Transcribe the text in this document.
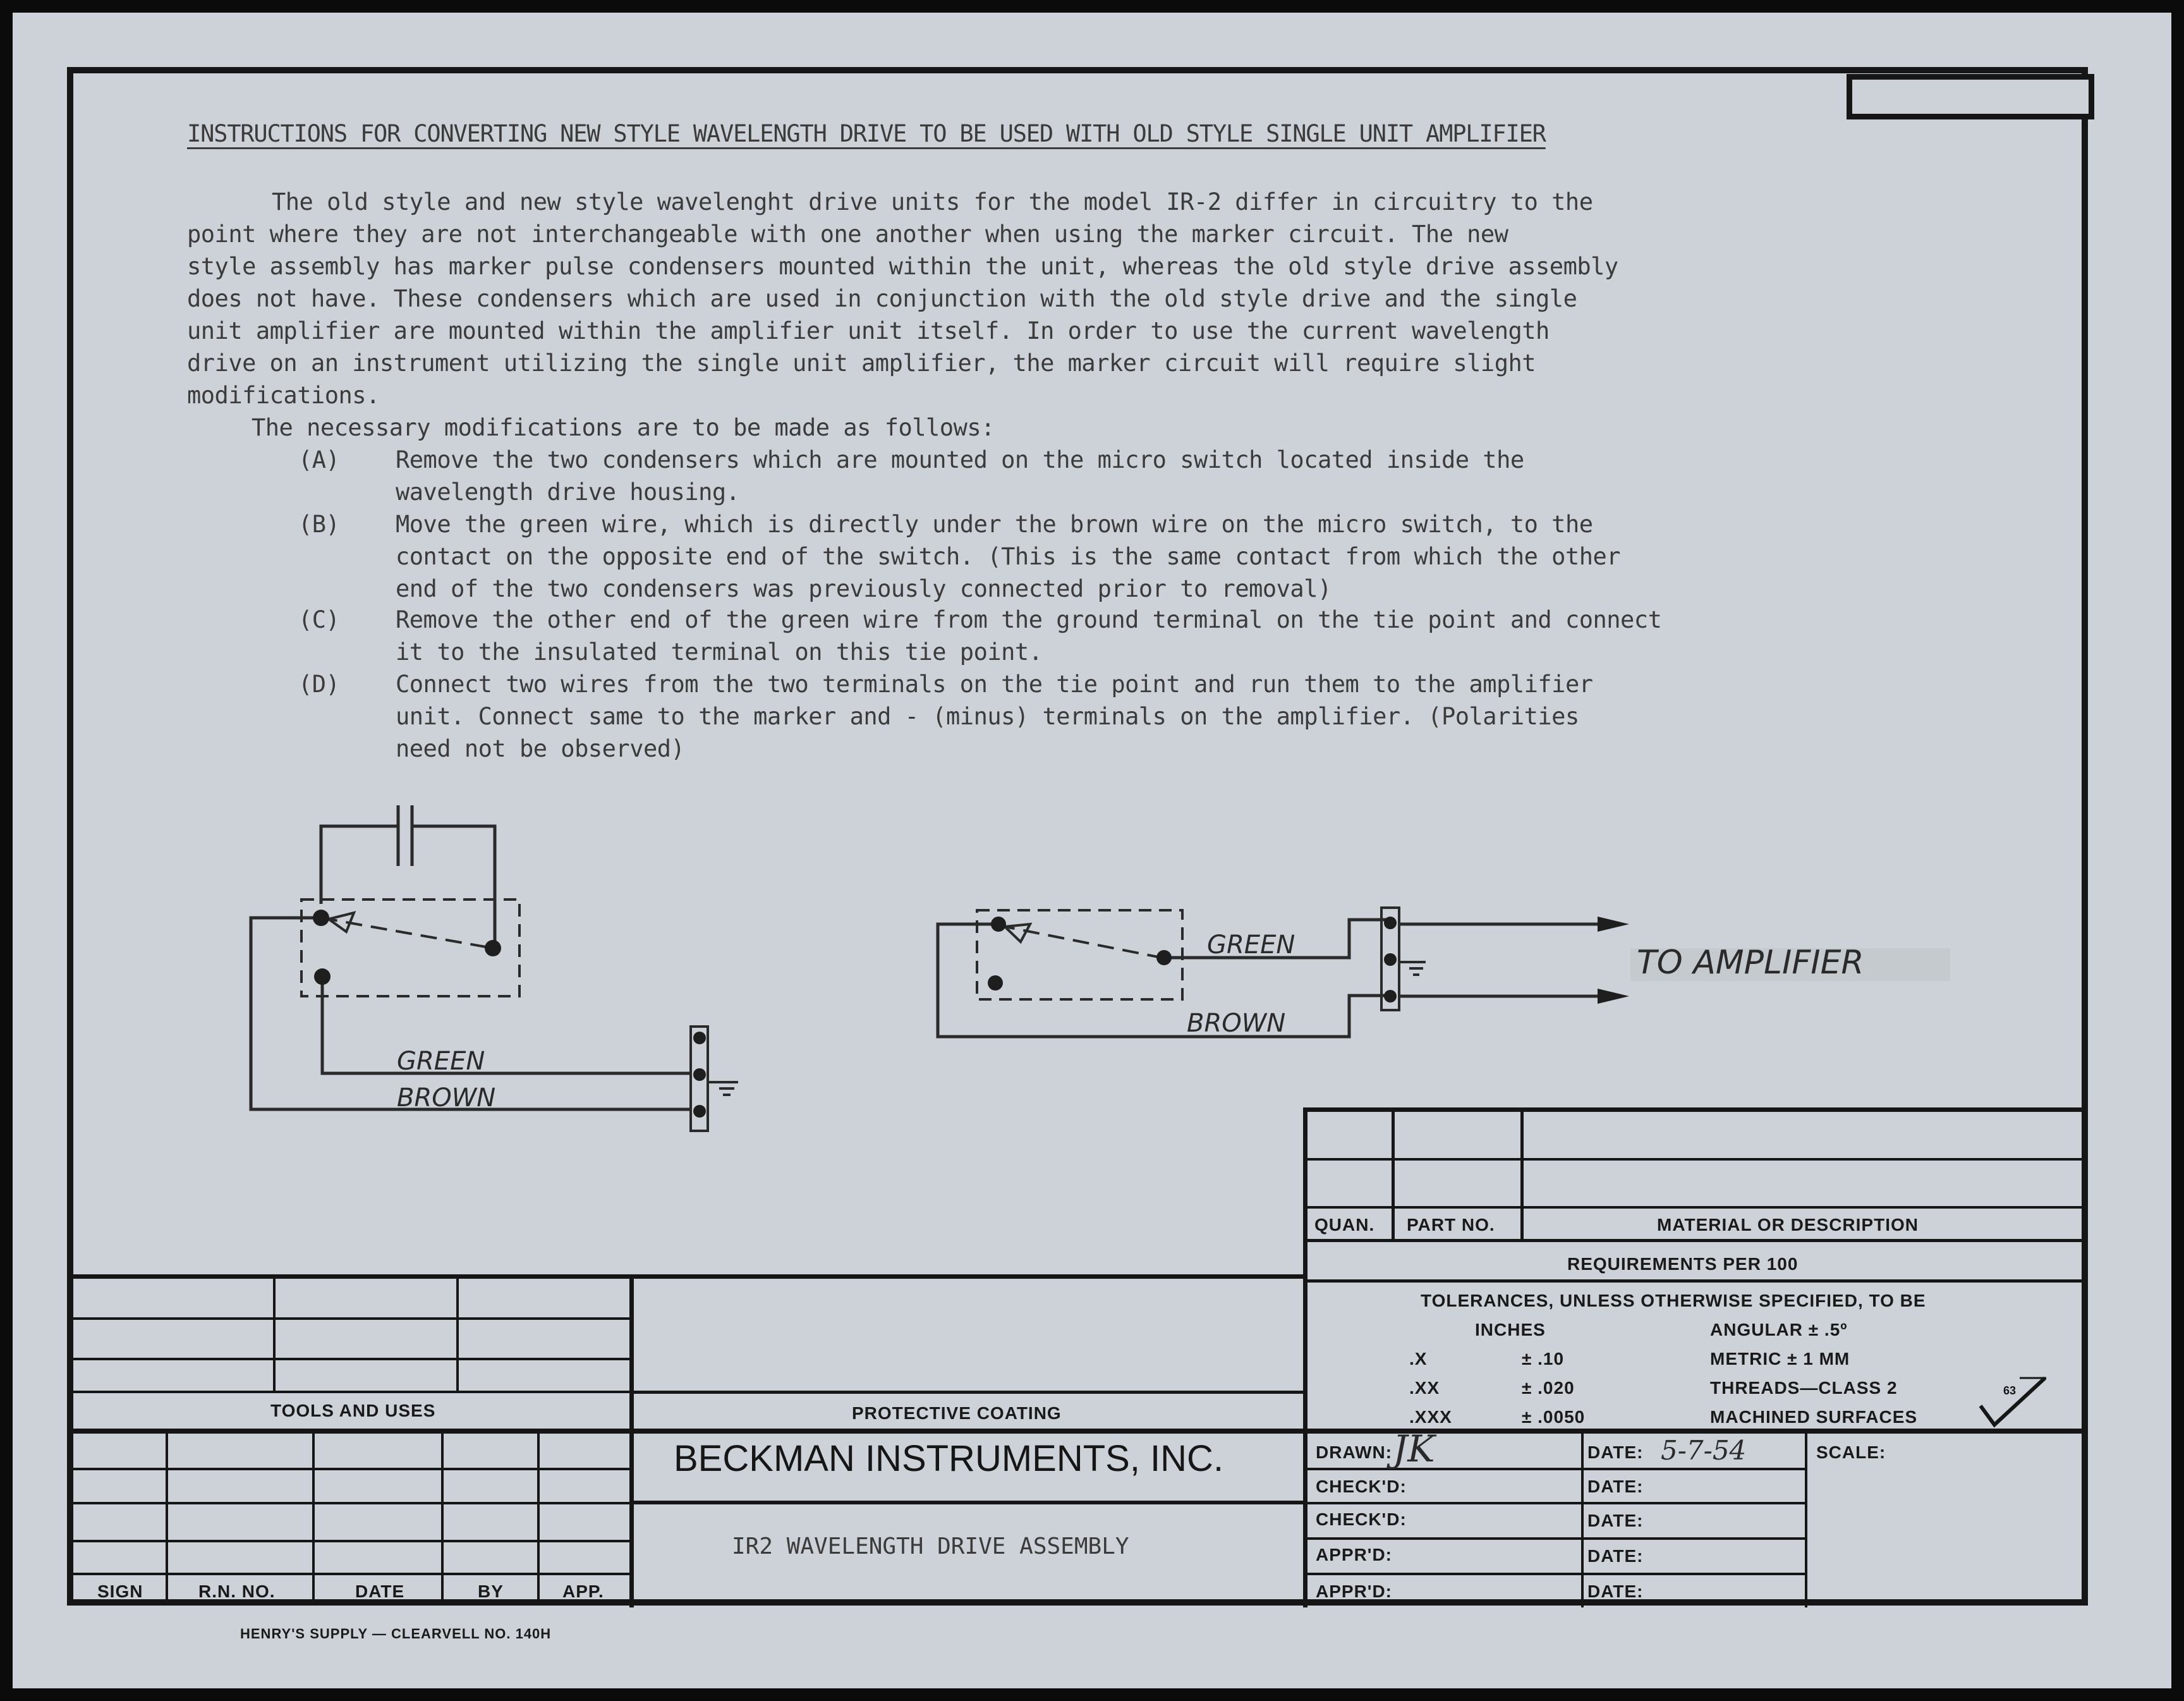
INSTRUCTIONS FOR CONVERTING NEW STYLE WAVELENGTH DRIVE TO BE USED WITH OLD STYLE SINGLE UNIT AMPLIFIER
The old style and new style wavelenght drive units for the model IR-2 differ in circuitry to the
point where they are not interchangeable with one another when using the marker circuit. The new
style assembly has marker pulse condensers mounted within the unit, whereas the old style drive assembly
does not have. These condensers which are used in conjunction with the old style drive and the single
unit amplifier are mounted within the amplifier unit itself. In order to use the current wavelength
drive on an instrument utilizing the single unit amplifier, the marker circuit will require slight
modifications.
The necessary modifications are to be made as follows:
(A) Remove the two condensers which are mounted on the micro switch located inside the
wavelength drive housing.
(B) Move the green wire, which is directly under the brown wire on the micro switch, to the
contact on the opposite end of the switch. (This is the same contact from which the other
end of the two condensers was previously connected prior to removal)
(C) Remove the other end of the green wire from the ground terminal on the tie point and connect
it to the insulated terminal on this tie point.
(D) Connect two wires from the two terminals on the tie point and run them to the amplifier
unit. Connect same to the marker and - (minus) terminals on the amplifier. (Polarities
need not be observed)
GREEN
BROWN
GREEN
BROWN
TO AMPLIFIER
QUAN. PART NO.	MATERIAL OR DESCRIPTION
REQUIREMENTS PER 100
TOLERANCES, UNLESS OTHERWISE SPECIFIED, TO BE
INCHES	ANGULAR ± .5º
.X	± .10	METRIC ± 1 MM
.XX	± .020	THREADS—CLASS 2
.XXX	± .0050	MACHINED SURFACES
63
TOOLS AND USES	PROTECTIVE COATING
SIGN	R.N. NO.	DATE	BY	APP.
BECKMAN INSTRUMENTS, INC.
IR2 WAVELENGTH DRIVE ASSEMBLY
DRAWN: JK	DATE: 5-7-54	SCALE:
CHECK'D:	DATE:
CHECK'D:	DATE:
APPR'D:	DATE:
APPR'D:	DATE:
HENRY'S SUPPLY — CLEARVELL NO. 140H
